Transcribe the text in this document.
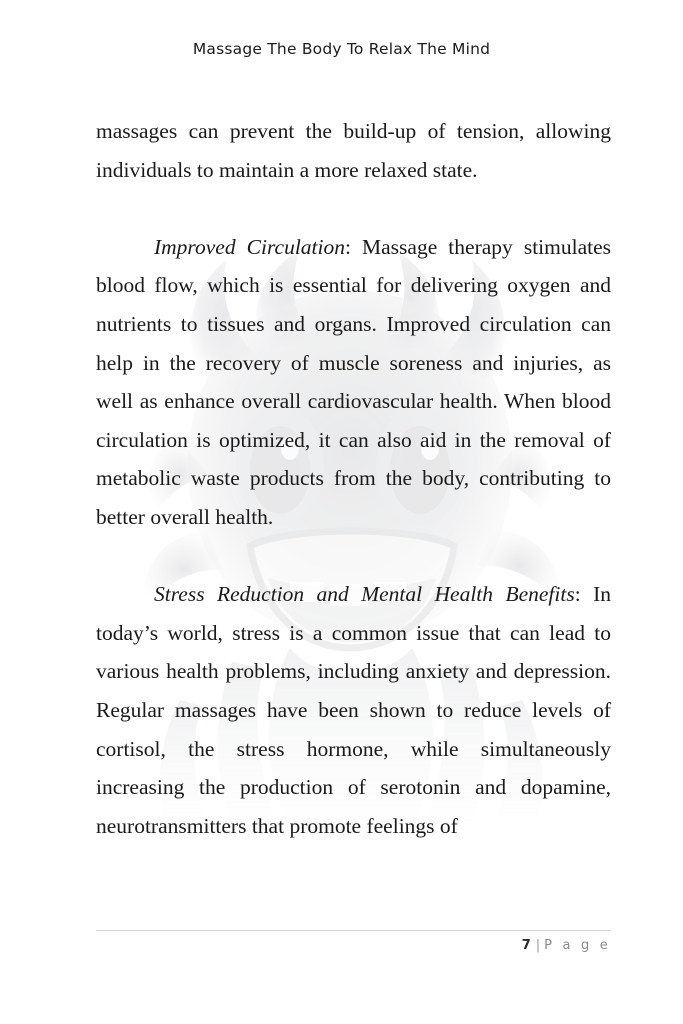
Massage The Body To Relax The Mind

massages can prevent the build-up of tension, allowing individuals to maintain a more relaxed state.

Improved Circulation: Massage therapy stimulates blood flow, which is essential for delivering oxygen and nutrients to tissues and organs. Improved circulation can help in the recovery of muscle soreness and injuries, as well as enhance overall cardiovascular health. When blood circulation is optimized, it can also aid in the removal of metabolic waste products from the body, contributing to better overall health.

Stress Reduction and Mental Health Benefits: In today’s world, stress is a common issue that can lead to various health problems, including anxiety and depression. Regular massages have been shown to reduce levels of cortisol, the stress hormone, while simultaneously increasing the production of serotonin and dopamine, neurotransmitters that promote feelings of

7 | P a g e
